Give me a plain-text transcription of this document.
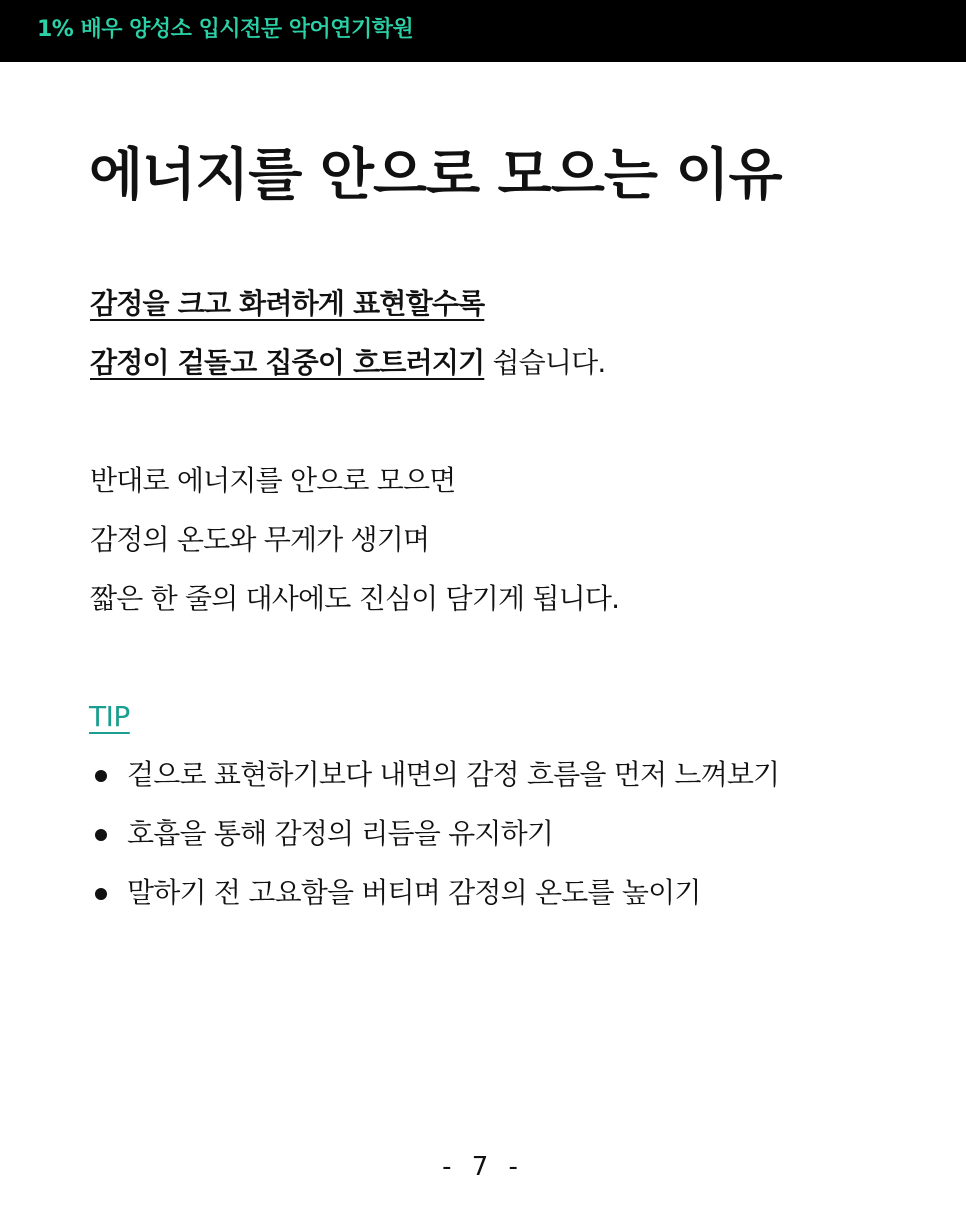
1% 배우 양성소 입시전문 악어연기학원
에너지를 안으로 모으는 이유
감정을 크고 화려하게 표현할수록
감정이 겉돌고 집중이 흐트러지기 쉽습니다.
반대로 에너지를 안으로 모으면
감정의 온도와 무게가 생기며
짧은 한 줄의 대사에도 진심이 담기게 됩니다.
TIP
겉으로 표현하기보다 내면의 감정 흐름을 먼저 느껴보기
호흡을 통해 감정의 리듬을 유지하기
말하기 전 고요함을 버티며 감정의 온도를 높이기
- 7 -
